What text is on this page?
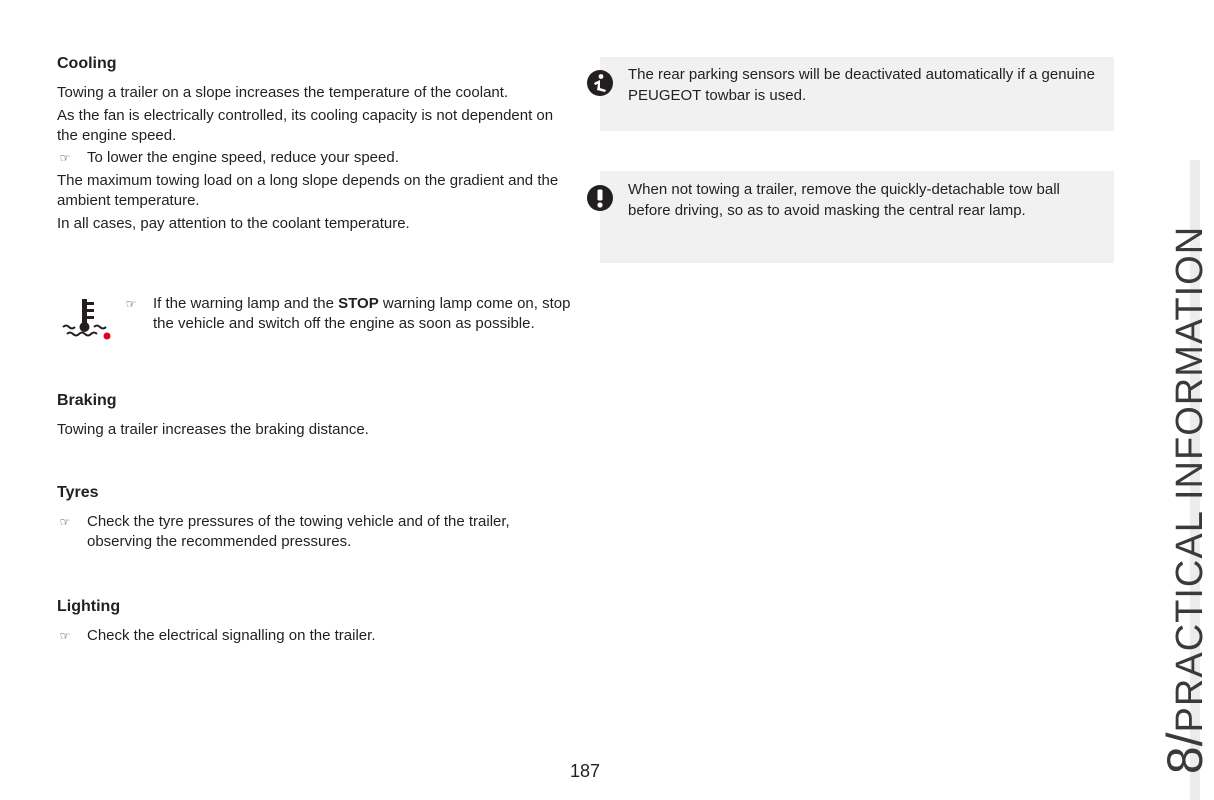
Cooling

Towing a trailer on a slope increases the temperature of the coolant.

As the fan is electrically controlled, its cooling capacity is not dependent on the engine speed.

☞ To lower the engine speed, reduce your speed.

The maximum towing load on a long slope depends on the gradient and the ambient temperature.

In all cases, pay attention to the coolant temperature.

☞ If the warning lamp and the STOP warning lamp come on, stop the vehicle and switch off the engine as soon as possible.
Braking

Towing a trailer increases the braking distance.

Tyres
☞ Check the tyre pressures of the towing vehicle and of the trailer, observing the recommended pressures.
Lighting
☞ Check the electrical signalling on the trailer.
The rear parking sensors will be deactivated automatically if a genuine PEUGEOT towbar is used.
When not towing a trailer, remove the quickly-detachable tow ball before driving, so as to avoid masking the central rear lamp.
8/PRACTICAL INFORMATION
187
